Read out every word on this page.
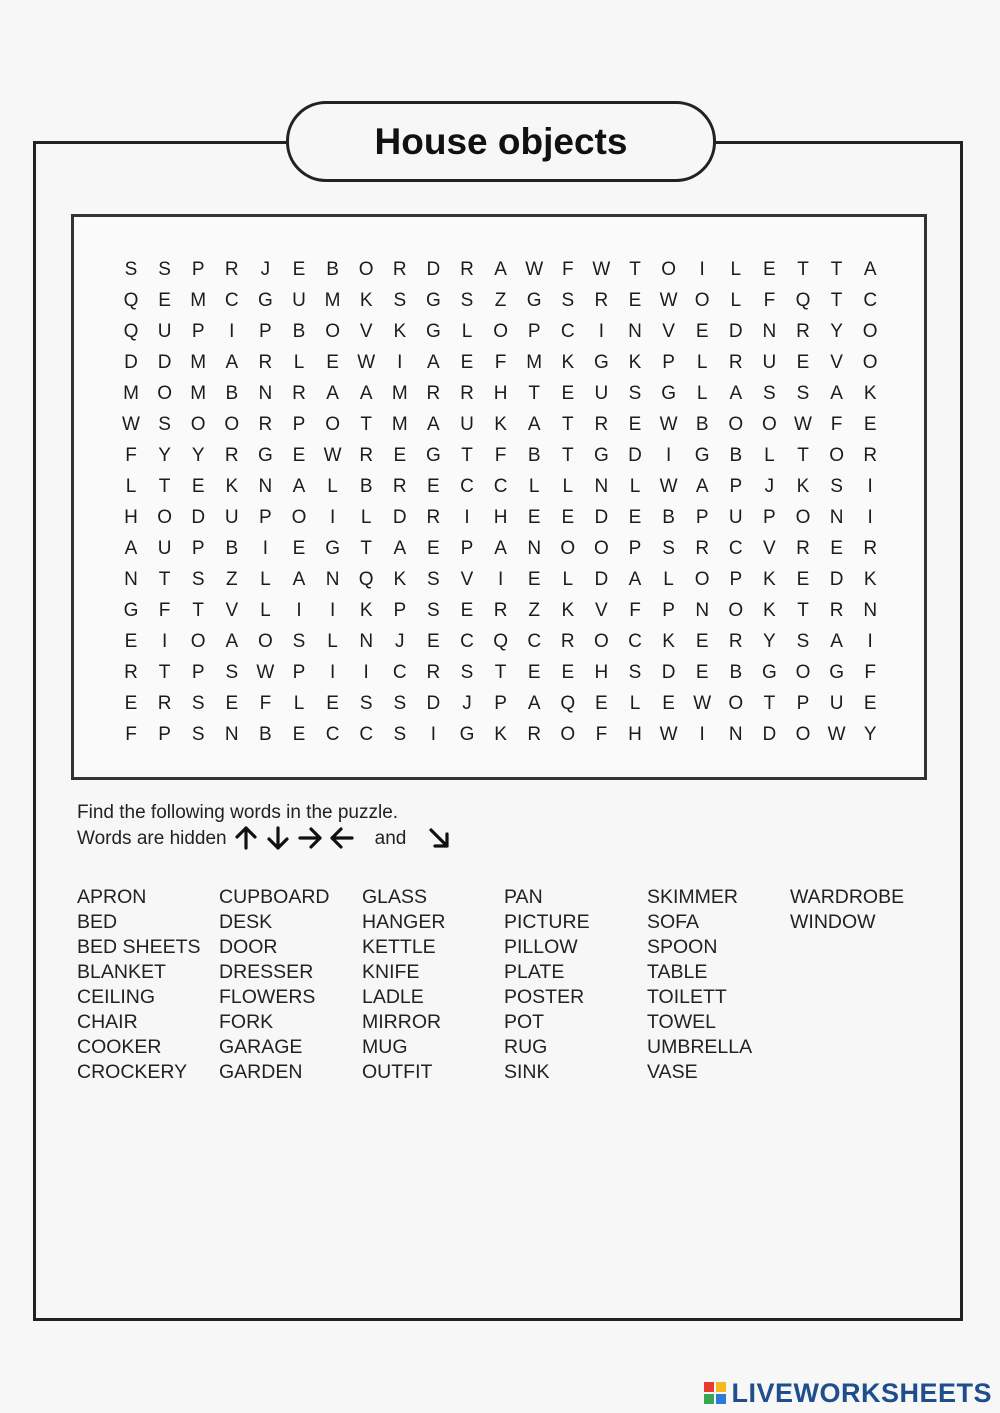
House objects
S	S	P	R	J	E	B	O	R	D	R	A W F W T	O	I	L	E	T	T	A
Q	E	M C	G	U M	K	S	G	S	Z	G	S	R	E W O	L	F	Q	T	C
Q	U	P	I	P	B	O	V	K	G	L	O	P	C	I	N	V	E	D	N	R	Y	O
D	D M	A	R	L	E W	I	A	E	F	M	K	G	K	P	L	R	U	E	V	O
M O M	B	N	R	A	A	M R	R	H	T	E	U	S	G	L	A	S	S	A	K
W S	O O	R	P	O	T	M	A	U	K	A	T	R	E W B	O O W F	E
F	Y	Y	R	G	E W R	E	G	T	F	B	T	G	D	I	G	B	L	T	O	R
L	T	E	K	N	A	L	B	R	E	C	C	L	L	N	L	W A	P	J	K	S	I
H	O	D	U	P	O	I	L	D	R	I	H	E	E	D	E	B	P	U	P	O	N	I
A	U	P	B	I	E	G	T	A	E	P	A	N	O O	P	S	R	C	V	R	E	R
N	T	S	Z	L	A	N	Q	K	S	V	I	E	L	D	A	L	O	P	K	E	D	K
G	F	T	V	L	I	I	K	P	S	E	R	Z	K	V	F	P	N	O	K	T	R	N
E	I	O	A	O	S	L	N	J	E	C	Q	C	R	O	C	K	E	R	Y	S	A	I
R	T	P	S W P	I	I	C	R	S	T	E	E	H	S	D	E	B	G O G	F
E	R	S	E	F	L	E	S	S	D	J	P	A	Q	E	L	E W O	T	P	U	E
F	P	S	N	B	E	C	C	S	I	G	K	R	O	F	H W	I	N	D	O W Y
Find the following words in the puzzle.
Words are hidden	and
APRON
BED
BED SHEETS
BLANKET
CEILING
CHAIR
COOKER
CROCKERY
CUPBOARD
DESK
DOOR
DRESSER
FLOWERS
FORK
GARAGE
GARDEN
GLASS
HANGER
KETTLE
KNIFE
LADLE
MIRROR
MUG
OUTFIT
PAN
PICTURE
PILLOW
PLATE
POSTER
POT
RUG
SINK
SKIMMER
SOFA
SPOON
TABLE
TOILETT
TOWEL
UMBRELLA
VASE
WARDROBE
WINDOW
LIVEWORKSHEETS
